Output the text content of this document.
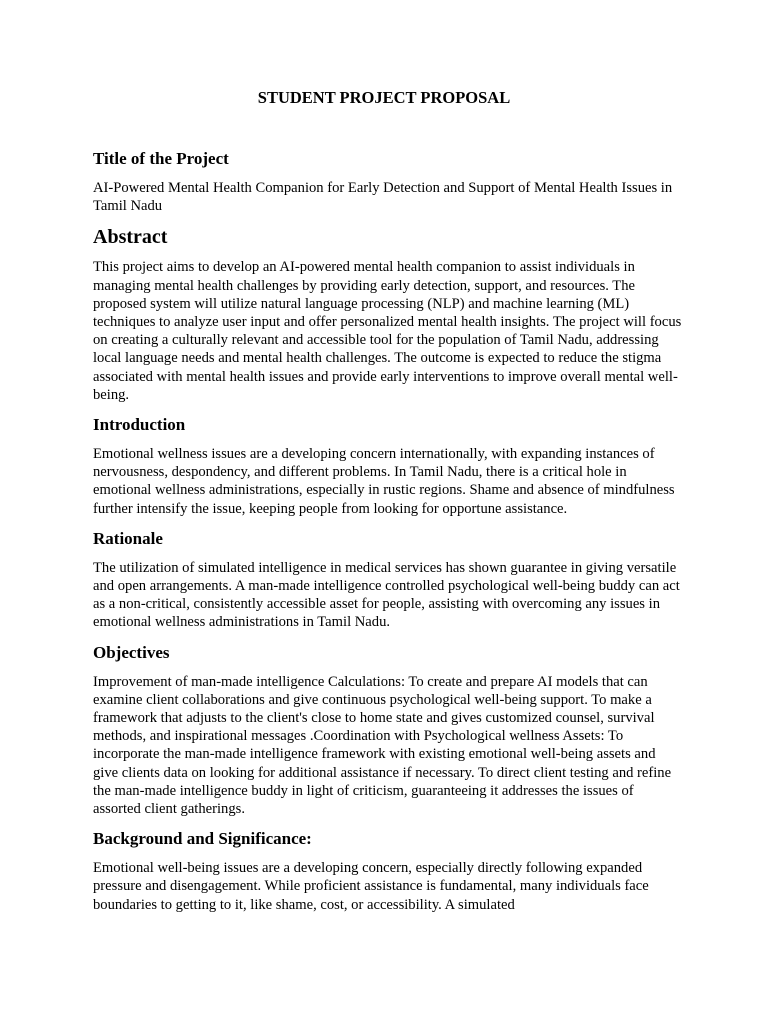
STUDENT PROJECT PROPOSAL
Title of the Project

AI-Powered Mental Health Companion for Early Detection and Support of Mental Health Issues in Tamil Nadu

Abstract

This project aims to develop an AI-powered mental health companion to assist individuals in managing mental health challenges by providing early detection, support, and resources. The proposed system will utilize natural language processing (NLP) and machine learning (ML) techniques to analyze user input and offer personalized mental health insights. The project will focus on creating a culturally relevant and accessible tool for the population of Tamil Nadu, addressing local language needs and mental health challenges. The outcome is expected to reduce the stigma associated with mental health issues and provide early interventions to improve overall mental well-being.

Introduction

Emotional wellness issues are a developing concern internationally, with expanding instances of nervousness, despondency, and different problems. In Tamil Nadu, there is a critical hole in emotional wellness administrations, especially in rustic regions. Shame and absence of mindfulness further intensify the issue, keeping people from looking for opportune assistance.

Rationale

The utilization of simulated intelligence in medical services has shown guarantee in giving versatile and open arrangements. A man-made intelligence controlled psychological well-being buddy can act as a non-critical, consistently accessible asset for people, assisting with overcoming any issues in emotional wellness administrations in Tamil Nadu.

Objectives

Improvement of man-made intelligence Calculations: To create and prepare AI models that can examine client collaborations and give continuous psychological well-being support. To make a framework that adjusts to the client's close to home state and gives customized counsel, survival methods, and inspirational messages .Coordination with Psychological wellness Assets: To incorporate the man-made intelligence framework with existing emotional well-being assets and give clients data on looking for additional assistance if necessary. To direct client testing and refine the man-made intelligence buddy in light of criticism, guaranteeing it addresses the issues of assorted client gatherings.

Background and Significance:

Emotional well-being issues are a developing concern, especially directly following expanded pressure and disengagement. While proficient assistance is fundamental, many individuals face boundaries to getting to it, like shame, cost, or accessibility. A simulated
